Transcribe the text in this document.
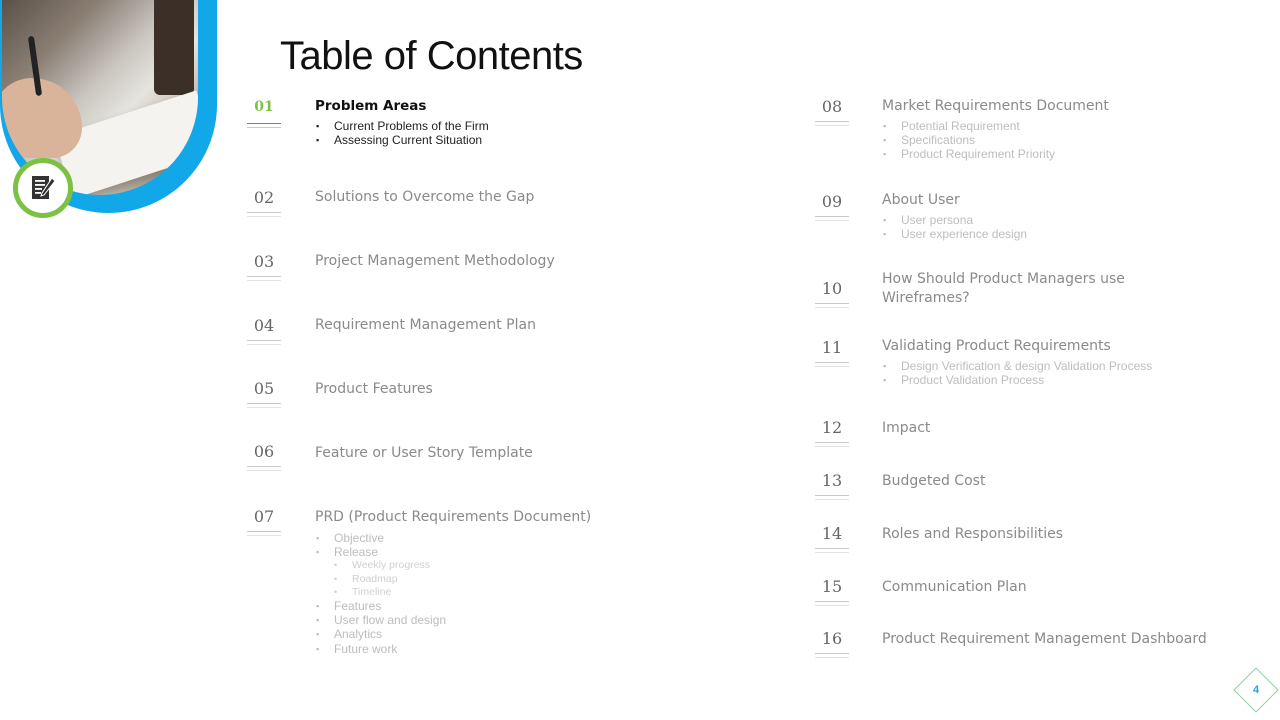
Table of Contents
01	Problem Areas
▪ Current Problems of the Firm
▪ Assessing Current Situation
02	Solutions to Overcome the Gap
03	Project Management Methodology
04	Requirement Management Plan
05	Product Features
06	Feature or User Story Template
07	PRD (Product Requirements Document)
▪ Objective
▪ Release
• Weekly progress
• Roadmap
• Timeline
▪ Features
▪ User flow and design
▪ Analytics
▪ Future work
08	Market Requirements Document
▪ Potential Requirement
▪ Specifications
▪ Product Requirement Priority
09	About User
▪ User persona
▪ User experience design
10	How Should Product Managers use Wireframes?
11	Validating Product Requirements
▪ Design Verification & design Validation Process
▪ Product Validation Process
12	Impact
13	Budgeted Cost
14	Roles and Responsibilities
15	Communication Plan
16	Product Requirement Management Dashboard
4
